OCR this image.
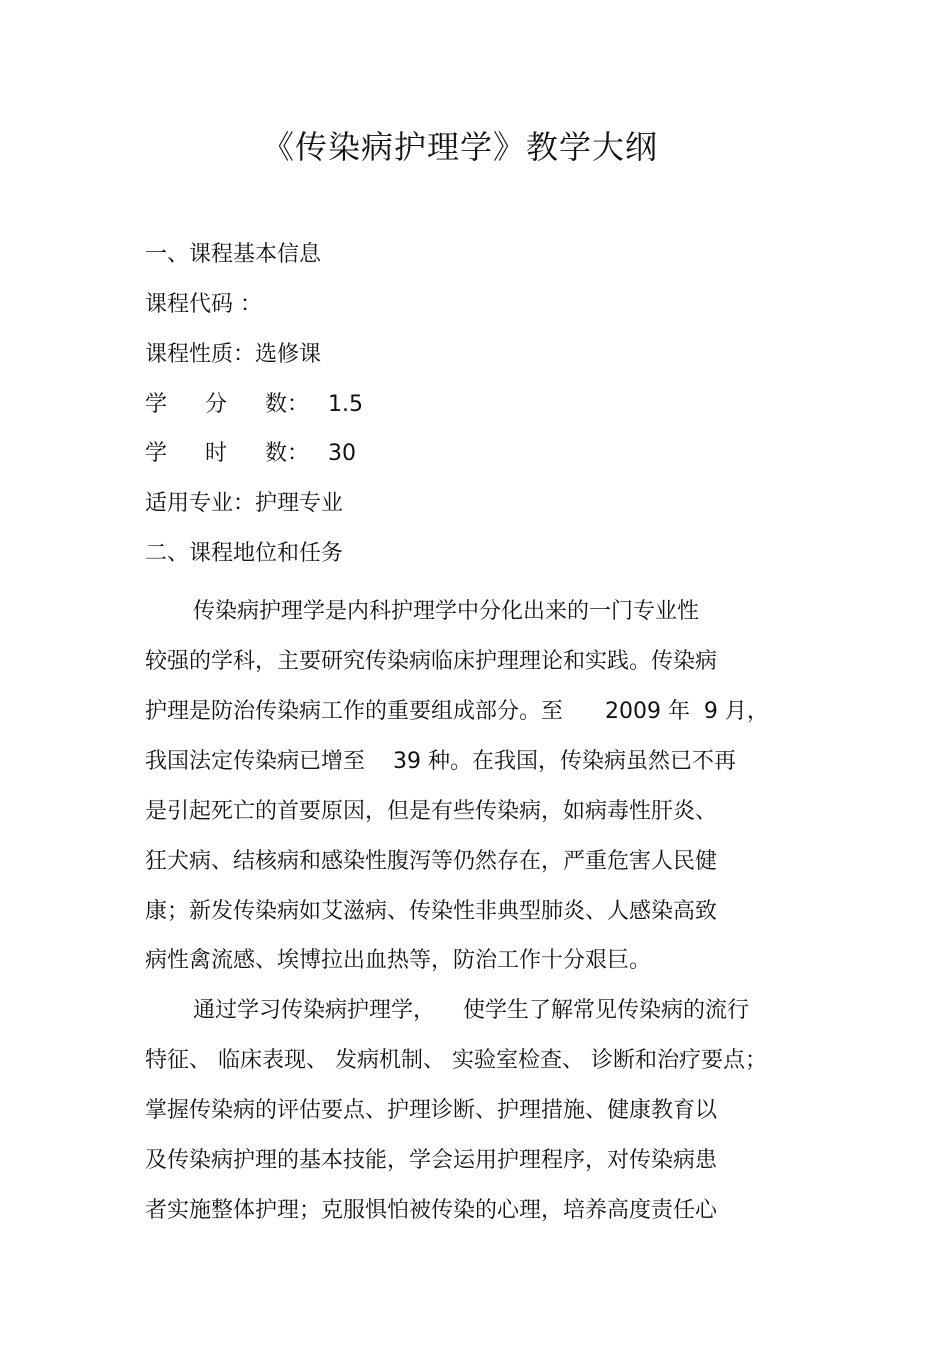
《传染病护理学》教学大纲
一、课程基本信息
课程代码 ：
课程性质：选修课
学  分  数： 1.5
学  时  数： 30
适用专业：护理专业
二、课程地位和任务
传染病护理学是内科护理学中分化出来的一门专业性
较强的学科，主要研究传染病临床护理理论和实践。传染病
护理是防治传染病工作的重要组成部分。至      2009 年  9 月，
我国法定传染病已增至    39 种。在我国，传染病虽然已不再
是引起死亡的首要原因，但是有些传染病，如病毒性肝炎、
狂犬病、结核病和感染性腹泻等仍然存在，严重危害人民健
康；新发传染病如艾滋病、传染性非典型肺炎、人感染高致
病性禽流感、埃博拉出血热等，防治工作十分艰巨。
通过学习传染病护理学，    使学生了解常见传染病的流行
特征、 临床表现、 发病机制、 实验室检查、 诊断和治疗要点；
掌握传染病的评估要点、护理诊断、护理措施、健康教育以
及传染病护理的基本技能，学会运用护理程序，对传染病患
者实施整体护理；克服惧怕被传染的心理，培养高度责任心
